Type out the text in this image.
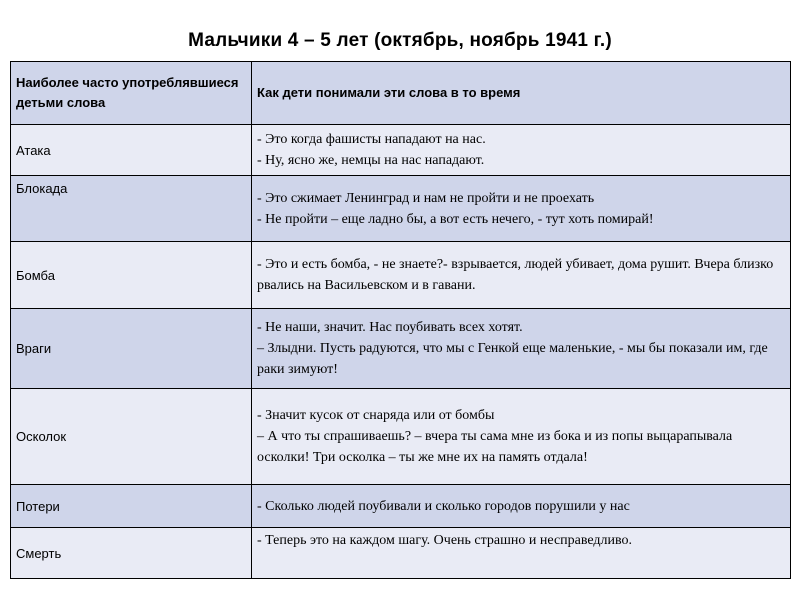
Мальчики 4 – 5 лет (октябрь, ноябрь 1941 г.)
Наиболее часто употреблявшиеся детьми слова	Как дети понимали эти слова в то время
Атака	- Это когда фашисты нападают на нас.
- Ну, ясно же, немцы на нас нападают.

Блокада	- Это сжимает Ленинград и нам не пройти и не проехать
- Не пройти – еще ладно бы, а вот есть нечего, - тут хоть помирай!

Бомба	- Это и есть бомба, - не знаете?- взрывается, людей убивает, дома рушит. Вчера близко рвались на Васильевском и в гавани.

Враги	- Не наши, значит. Нас поубивать всех хотят.
– Злыдни. Пусть радуются, что мы с Генкой еще маленькие, - мы бы показали им, где раки зимуют!

Осколок	- Значит кусок от снаряда или от бомбы
– А что ты спрашиваешь? – вчера ты сама мне из бока и из попы выцарапывала осколки! Три осколка – ты же мне их на память отдала!

Потери	- Сколько людей поубивали и сколько городов порушили у нас

Смерть	- Теперь это на каждом шагу. Очень страшно и несправедливо.
